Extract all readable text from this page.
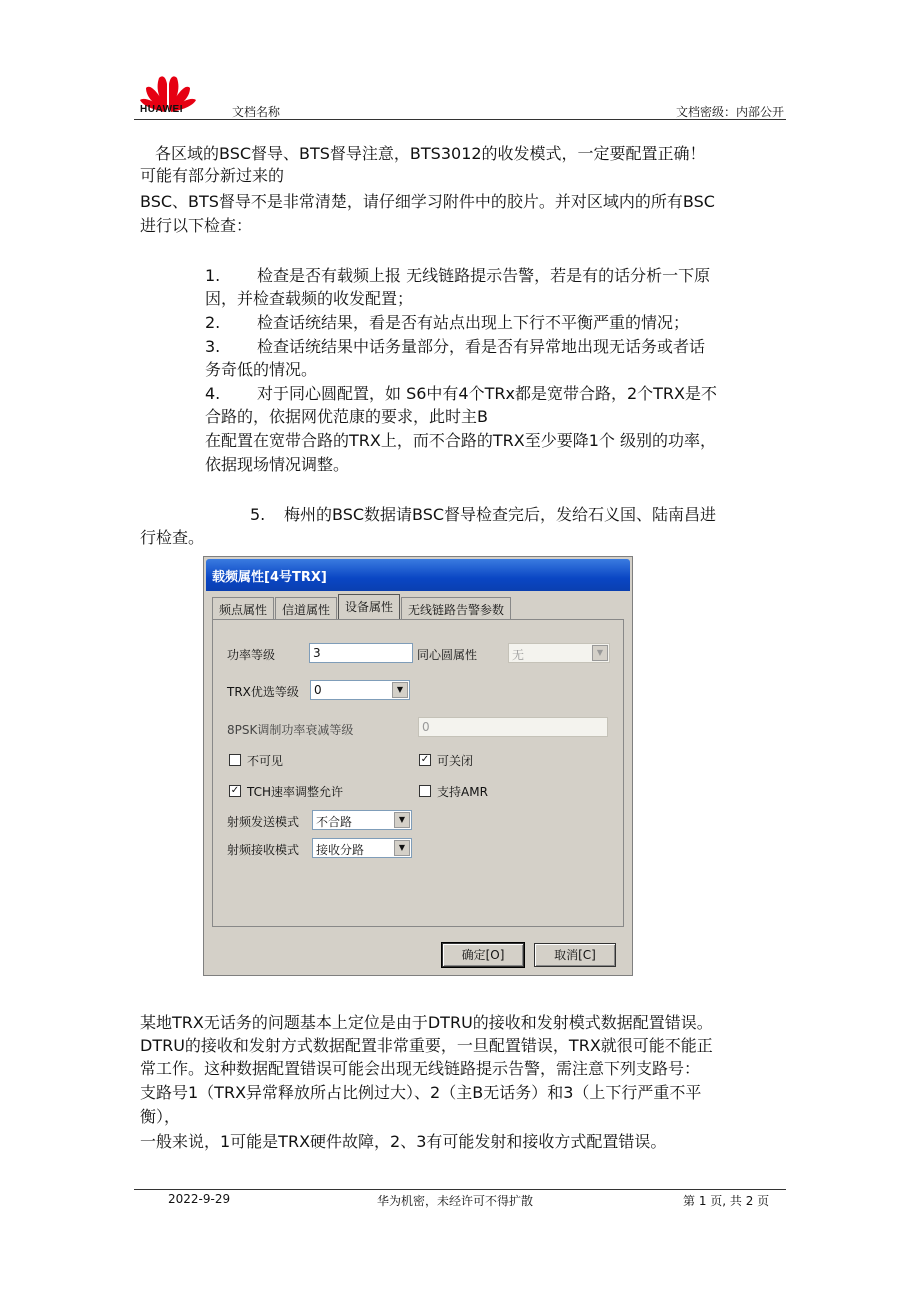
HUAWEI	文档名称	文档密级：内部公开
各区域的BSC督导、BTS督导注意，BTS3012的收发模式，一定要配置正确！
可能有部分新过来的
BSC、BTS督导不是非常清楚，请仔细学习附件中的胶片。并对区域内的所有BSC
进行以下检查：
1. 检查是否有载频上报 无线链路提示告警，若是有的话分析一下原
因，并检查载频的收发配置；
2. 检查话统结果，看是否有站点出现上下行不平衡严重的情况；
3. 检查话统结果中话务量部分，看是否有异常地出现无话务或者话
务奇低的情况。
4. 对于同心圆配置，如 S6中有4个TRx都是宽带合路，2个TRX是不
合路的，依据网优范康的要求，此时主B
在配置在宽带合路的TRX上，而不合路的TRX至少要降1个 级别的功率，
依据现场情况调整。
5. 梅州的BSC数据请BSC督导检查完后，发给石义国、陆南昌进
行检查。
载频属性[4号TRX]
频点属性	信道属性	设备属性	无线链路告警参数
功率等级	3	同心圆属性	无	▼
TRX优选等级	0	▼
8PSK调制功率衰减等级	0
不可见	✓ 可关闭
✓ TCH速率调整允许	支持AMR
射频发送模式	不合路	▼
射频接收模式	接收分路	▼
确定[O]	取消[C]
某地TRX无话务的问题基本上定位是由于DTRU的接收和发射模式数据配置错误。
DTRU的接收和发射方式数据配置非常重要，一旦配置错误，TRX就很可能不能正
常工作。这种数据配置错误可能会出现无线链路提示告警，需注意下列支路号：
支路号1（TRX异常释放所占比例过大）、2（主B无话务）和3（上下行严重不平
衡），
一般来说，1可能是TRX硬件故障，2、3有可能发射和接收方式配置错误。
2022-9-29	华为机密，未经许可不得扩散	第 1 页, 共 2 页
